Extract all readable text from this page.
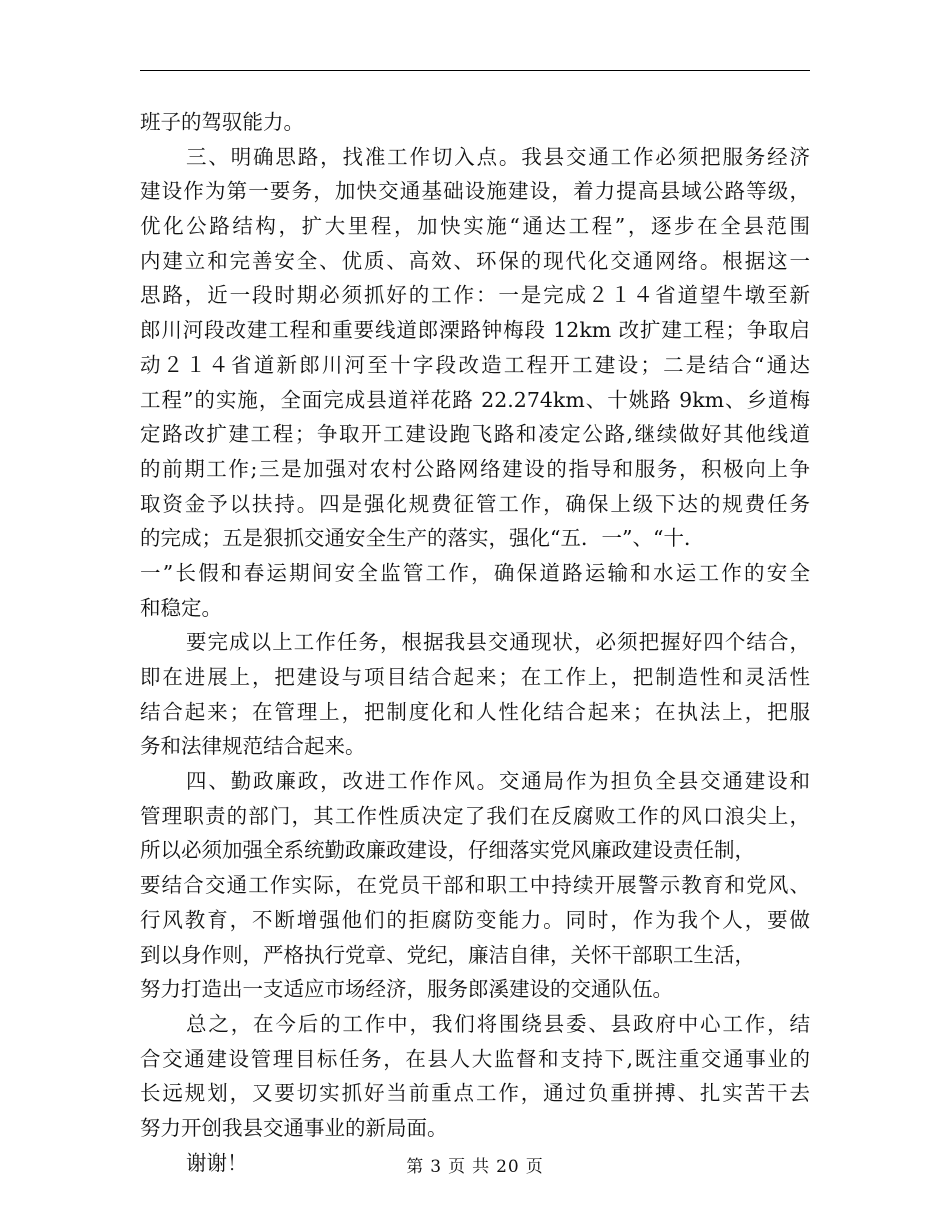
班子的驾驭能力。
三、明确思路，找准工作切入点。我县交通工作必须把服务经济
建设作为第一要务，加快交通基础设施建设，着力提高县域公路等级，
优化公路结构，扩大里程，加快实施“通达工程”，逐步在全县范围
内建立和完善安全、优质、高效、环保的现代化交通网络。根据这一
思路，近一段时期必须抓好的工作：一是完成２１４省道望牛墩至新
郎川河段改建工程和重要线道郎溧路钟梅段 12km 改扩建工程；争取启
动２１４省道新郎川河至十字段改造工程开工建设；二是结合“通达
工程”的实施，全面完成县道祥花路 22.274km、十姚路 9km、乡道梅
定路改扩建工程；争取开工建设跑飞路和凌定公路,继续做好其他线道
的前期工作;三是加强对农村公路网络建设的指导和服务，积极向上争
取资金予以扶持。四是强化规费征管工作，确保上级下达的规费任务
的完成；五是狠抓交通安全生产的落实，强化“五．一”、“十．
一”长假和春运期间安全监管工作，确保道路运输和水运工作的安全
和稳定。
要完成以上工作任务，根据我县交通现状，必须把握好四个结合，
即在进展上，把建设与项目结合起来；在工作上，把制造性和灵活性
结合起来；在管理上，把制度化和人性化结合起来；在执法上，把服
务和法律规范结合起来。
四、勤政廉政，改进工作作风。交通局作为担负全县交通建设和
管理职责的部门，其工作性质决定了我们在反腐败工作的风口浪尖上，
所以必须加强全系统勤政廉政建设，仔细落实党风廉政建设责任制，
要结合交通工作实际，在党员干部和职工中持续开展警示教育和党风、
行风教育，不断增强他们的拒腐防变能力。同时，作为我个人，要做
到以身作则，严格执行党章、党纪，廉洁自律，关怀干部职工生活，
努力打造出一支适应市场经济，服务郎溪建设的交通队伍。
总之，在今后的工作中，我们将围绕县委、县政府中心工作，结
合交通建设管理目标任务，在县人大监督和支持下,既注重交通事业的
长远规划，又要切实抓好当前重点工作，通过负重拼搏、扎实苦干去
努力开创我县交通事业的新局面。
谢谢！	第 3 页 共 20 页
